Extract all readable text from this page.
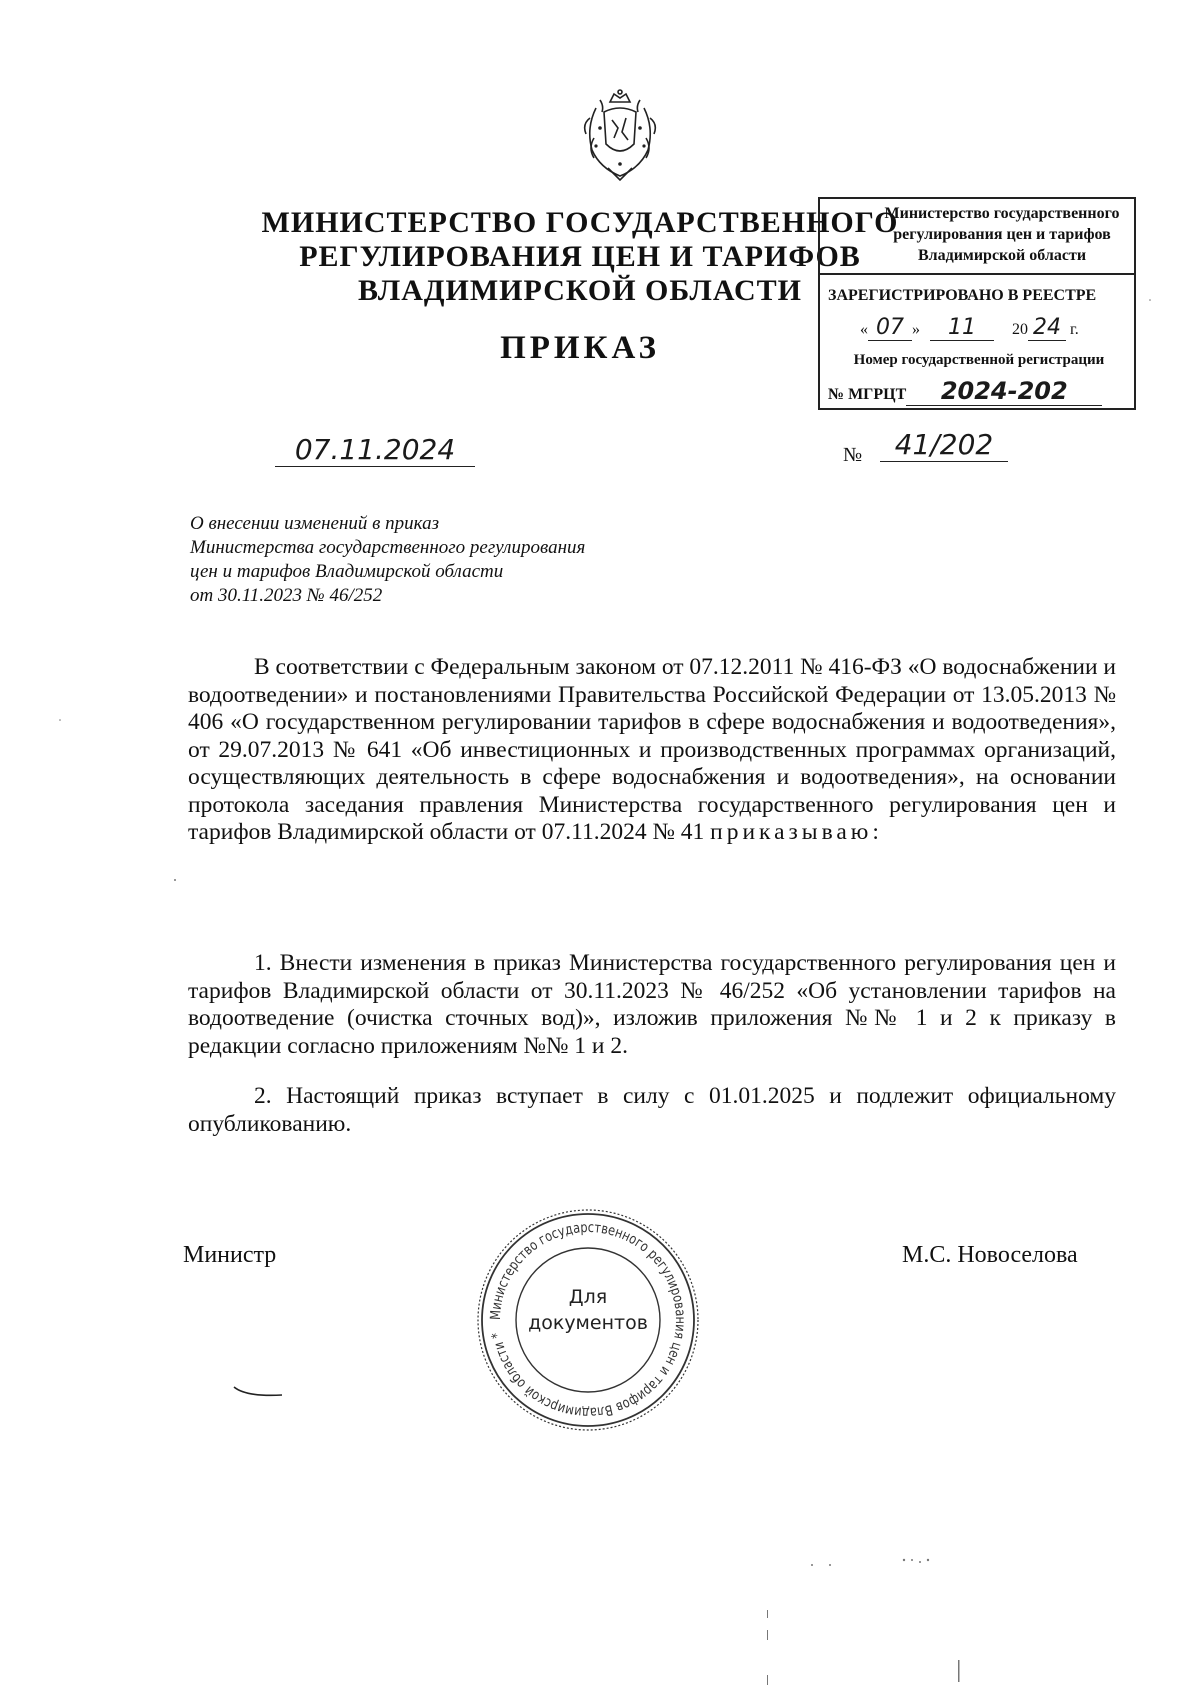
МИНИСТЕРСТВО ГОСУДАРСТВЕННОГО
РЕГУЛИРОВАНИЯ ЦЕН И ТАРИФОВ
ВЛАДИМИРСКОЙ ОБЛАСТИ
ПРИКАЗ
Министерство государственного
регулирования цен и тарифов
Владимирской области
ЗАРЕГИСТРИРОВАНО В РЕЕСТРЕ
« 07 » 11 20 24 г.
Номер государственной регистрации
№ МГРЦТ 2024-202
07.11.2024	№	41/202
О внесении изменений в приказ
Министерства государственного регулирования
цен и тарифов Владимирской области
от 30.11.2023 № 46/252

В соответствии с Федеральным законом от 07.12.2011 № 416-ФЗ «О водоснабжении и водоотведении» и постановлениями Правительства Российской Федерации от 13.05.2013 № 406 «О государственном регулировании тарифов в сфере водоснабжения и водоотведения», от 29.07.2013 № 641 «Об инвестиционных и производственных программах организаций, осуществляющих деятельность в сфере водоснабжения и водоотведения», на основании протокола заседания правления Министерства государственного регулирования цен и тарифов Владимирской области от 07.11.2024 № 41 приказываю:

1. Внести изменения в приказ Министерства государственного регулирования цен и тарифов Владимирской области от 30.11.2023 № 46/252 «Об установлении тарифов на водоотведение (очистка сточных вод)», изложив приложения №№ 1 и 2 к приказу в редакции согласно приложениям №№ 1 и 2.

2. Настоящий приказ вступает в силу с 01.01.2025 и подлежит официальному опубликованию.

Министр	М.С. Новоселова
Министерство государственного регулирования цен и тарифов Владимирской области *
Для
документов
